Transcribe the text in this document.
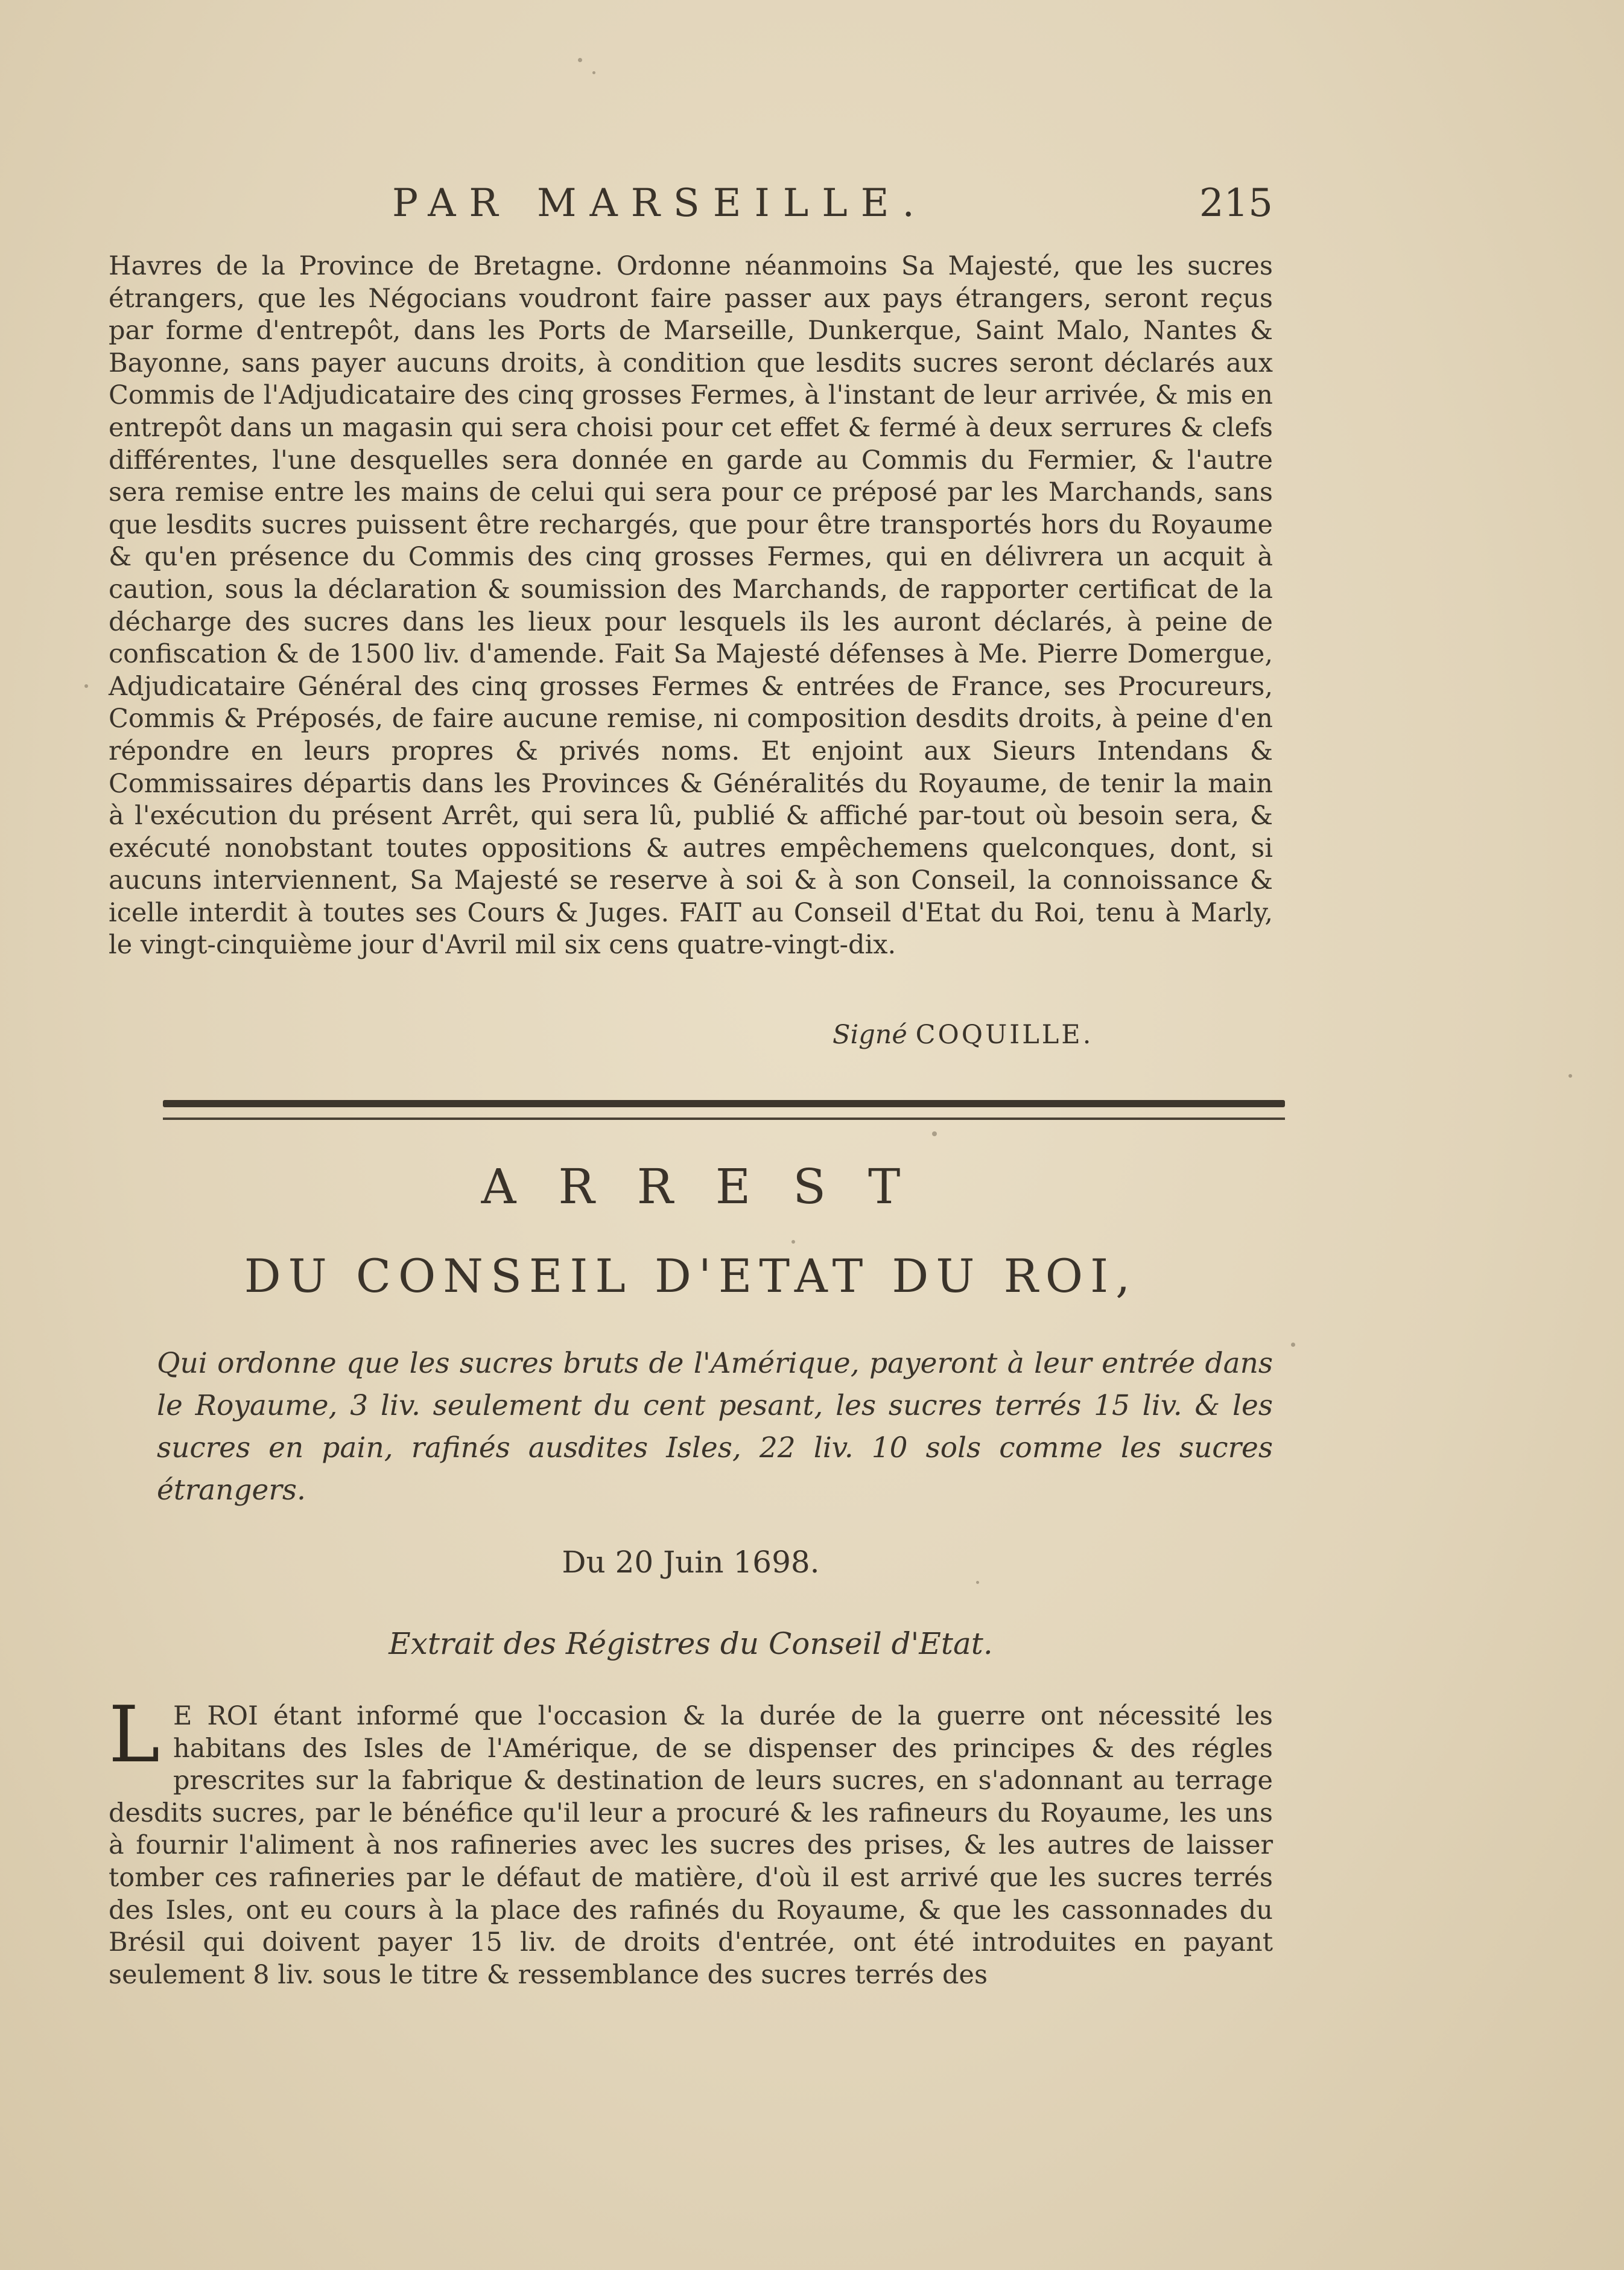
PAR MARSEILLE.	215

Havres de la Province de Bretagne. Ordonne néanmoins Sa Majesté, que les sucres étrangers, que les Négocians voudront faire passer aux pays étrangers, seront reçus par forme d'entrepôt, dans les Ports de Marseille, Dunkerque, Saint Malo, Nantes & Bayonne, sans payer aucuns droits, à condition que lesdits sucres seront déclarés aux Commis de l'Adjudicataire des cinq grosses Fermes, à l'instant de leur arrivée, & mis en entrepôt dans un magasin qui sera choisi pour cet effet & fermé à deux serrures & clefs différentes, l'une desquelles sera donnée en garde au Commis du Fermier, & l'autre sera remise entre les mains de celui qui sera pour ce préposé par les Marchands, sans que lesdits sucres puissent être rechargés, que pour être transportés hors du Royaume & qu'en présence du Commis des cinq grosses Fermes, qui en délivrera un acquit à caution, sous la déclaration & soumission des Marchands, de rapporter certificat de la décharge des sucres dans les lieux pour lesquels ils les auront déclarés, à peine de confiscation & de 1500 liv. d'amende. Fait Sa Majesté défenses à Me. Pierre Domergue, Adjudicataire Général des cinq grosses Fermes & entrées de France, ses Procureurs, Commis & Préposés, de faire aucune remise, ni composition desdits droits, à peine d'en répondre en leurs propres & privés noms. Et enjoint aux Sieurs Intendans & Commissaires départis dans les Provinces & Généralités du Royaume, de tenir la main à l'exécution du présent Arrêt, qui sera lû, publié & affiché par-tout où besoin sera, & exécuté nonobstant toutes oppositions & autres empêchemens quelconques, dont, si aucuns interviennent, Sa Majesté se reserve à soi & à son Conseil, la connoissance & icelle interdit à toutes ses Cours & Juges. FAIT au Conseil d'Etat du Roi, tenu à Marly, le vingt-cinquième jour d'Avril mil six cens quatre-vingt-dix.

Signé COQUILLE.
ARREST
DU CONSEIL D'ETAT DU ROI,

Qui ordonne que les sucres bruts de l'Amérique, payeront à leur entrée dans le Royaume, 3 liv. seulement du cent pesant, les sucres terrés 15 liv. & les sucres en pain, rafinés ausdites Isles, 22 liv. 10 sols comme les sucres étrangers.

Du 20 Juin 1698.
Extrait des Régistres du Conseil d'Etat.
L E ROI étant informé que l'occasion & la durée de la guerre ont nécessité les habitans des Isles de l'Amérique, de se dispenser des principes & des régles prescrites sur la fabrique & destination de leurs sucres, en s'adonnant au terrage desdits sucres, par le bénéfice qu'il leur a procuré & les rafineurs du Royaume, les uns à fournir l'aliment à nos rafineries avec les sucres des prises, & les autres de laisser tomber ces rafineries par le défaut de matière, d'où il est arrivé que les sucres terrés des Isles, ont eu cours à la place des rafinés du Royaume, & que les cassonnades du Brésil qui doivent payer 15 liv. de droits d'entrée, ont été introduites en payant seulement 8 liv. sous le titre & ressemblance des sucres terrés des
